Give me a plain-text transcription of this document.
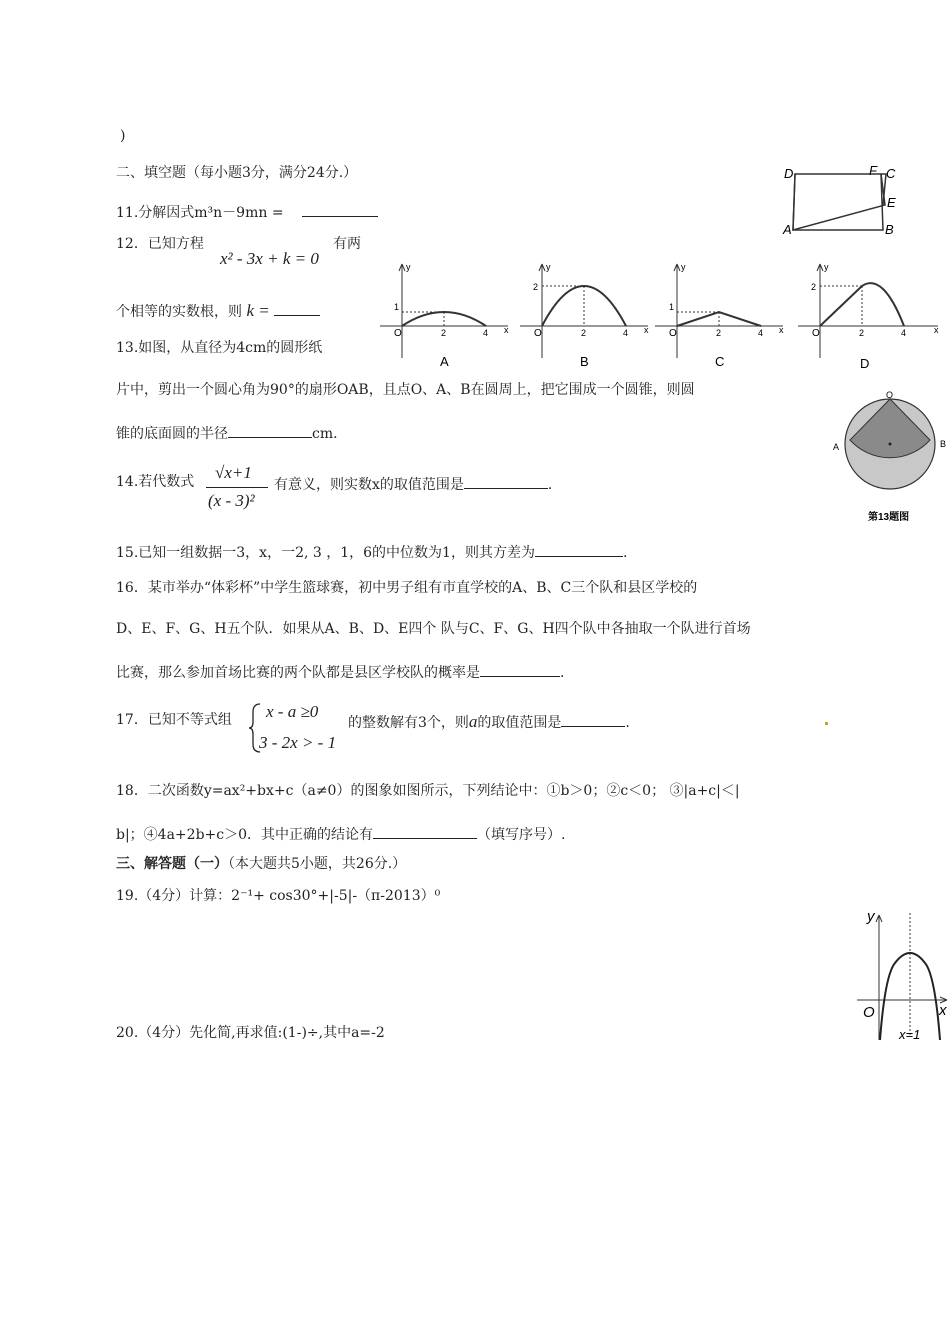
)
二、填空题（每小题3分，满分24分.）
11.分解因式m³n－9mn =
12．已知方程
x² - 3x + k = 0
有两
个相等的实数根，则 k =
13.如图，从直径为4cm的圆形纸
片中，剪出一个圆心角为90°的扇形OAB，且点O、A、B在圆周上，把它围成一个圆锥，则圆
锥的底面圆的半径	cm.
14.若代数式 √x+1
(x - 3)²
有意义，则实数x的取值范围是	.
15.已知一组数据一3，x，一2, 3 ，1，6的中位数为1，则其方差为	.
16．某市举办“体彩杯”中学生篮球赛，初中男子组有市直学校的A、B、C三个队和县区学校的
D、E、F、G、H五个队．如果从A、B、D、E四个 队与C、F、G、H四个队中各抽取一个队进行首场
比赛，那么参加首场比赛的两个队都是县区学校队的概率是	.
17．已知不等式组 x - a ≥0
3 - 2x > - 1
的整数解有3个，则a的取值范围是	.
18．二次函数y=ax²+bx+c（a≠0）的图象如图所示，下列结论中：①b＞0；②c＜0； ③|a+c|＜|
b|；④4a+2b+c＞0．其中正确的结论有	（填写序号）.
三、解答题（一）（本大题共5小题，共26分.）
19.（4分）计算：2⁻¹+ cos30°+|-5|-（π-2013）⁰
20.（4分）先化简,再求值:(1-)÷,其中a=-2
D	F C
E
A	B
y
x
O
1
2	4
A
y
x
O
2
2	4
B
y
x
O
1
2	4
C
y
x
O
2
2	4
D
O
A	B
第13题图
y
x
O
x=1
